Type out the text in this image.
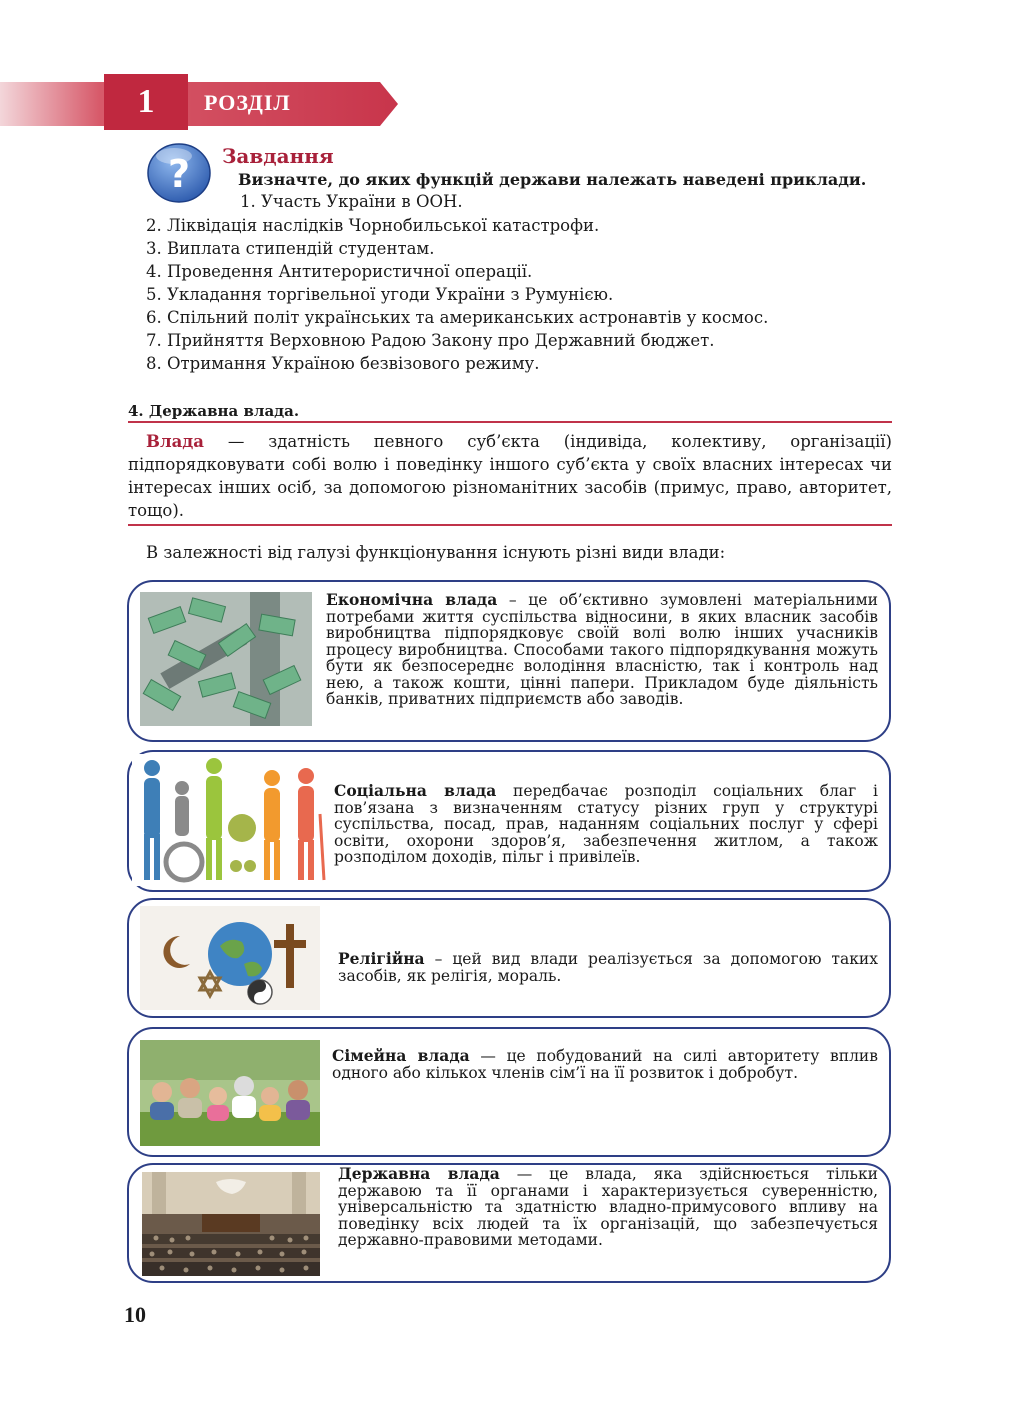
1	РОЗДІЛ
? Завдання
Визначте, до яких функцій держави належать наведені приклади.
1. Участь України в ООН.
2. Ліквідація наслідків Чорнобильської катастрофи.
3. Виплата стипендій студентам.
4. Проведення Антитерористичної операції.
5. Укладання торгівельної угоди України з Румунією.
6. Спільний політ українських та американських астронавтів у космос.
7. Прийняття Верховною Радою Закону про Державний бюджет.
8. Отримання Україною безвізового режиму.
4. Державна влада.
Влада — здатність певного суб’єкта (індивіда, колективу, організації) підпорядковувати собі волю і поведінку іншого суб’єкта у своїх власних інтересах чи інтересах інших осіб, за допомогою різноманітних засобів (примус, право, авторитет, тощо).
В залежності від галузі функціонування існують різні види влади:
Економічна влада – це об’єктивно зумовлені матеріальними потребами життя суспільства відносини, в яких власник засобів виробництва підпорядковує своїй волі волю інших учасників процесу виробництва. Способами такого підпорядкування можуть бути як безпосереднє володіння власністю, так і контроль над нею, а також кошти, цінні папери. Прикладом буде діяльність банків, приватних підприємств або заводів.
Соціальна влада передбачає розподіл соціальних благ і пов’язана з визначенням статусу різних груп у структурі суспільства, посад, прав, наданням соціальних послуг у сфері освіти, охорони здоров’я, забезпечення житлом, а також розподілом доходів, пільг і привілеїв.
Релігійна – цей вид влади реалізується за допомогою таких засобів, як релігія, мораль.
Сімейна влада — це побудований на силі авторитету вплив одного або кількох членів сім’ї на її розвиток і добробут.
Державна влада — це влада, яка здійснюється тільки державою та її органами і характеризується суверенністю, універсальністю та здатністю владно-примусового впливу на поведінку всіх людей та їх організацій, що забезпечується державно-правовими методами.
10
